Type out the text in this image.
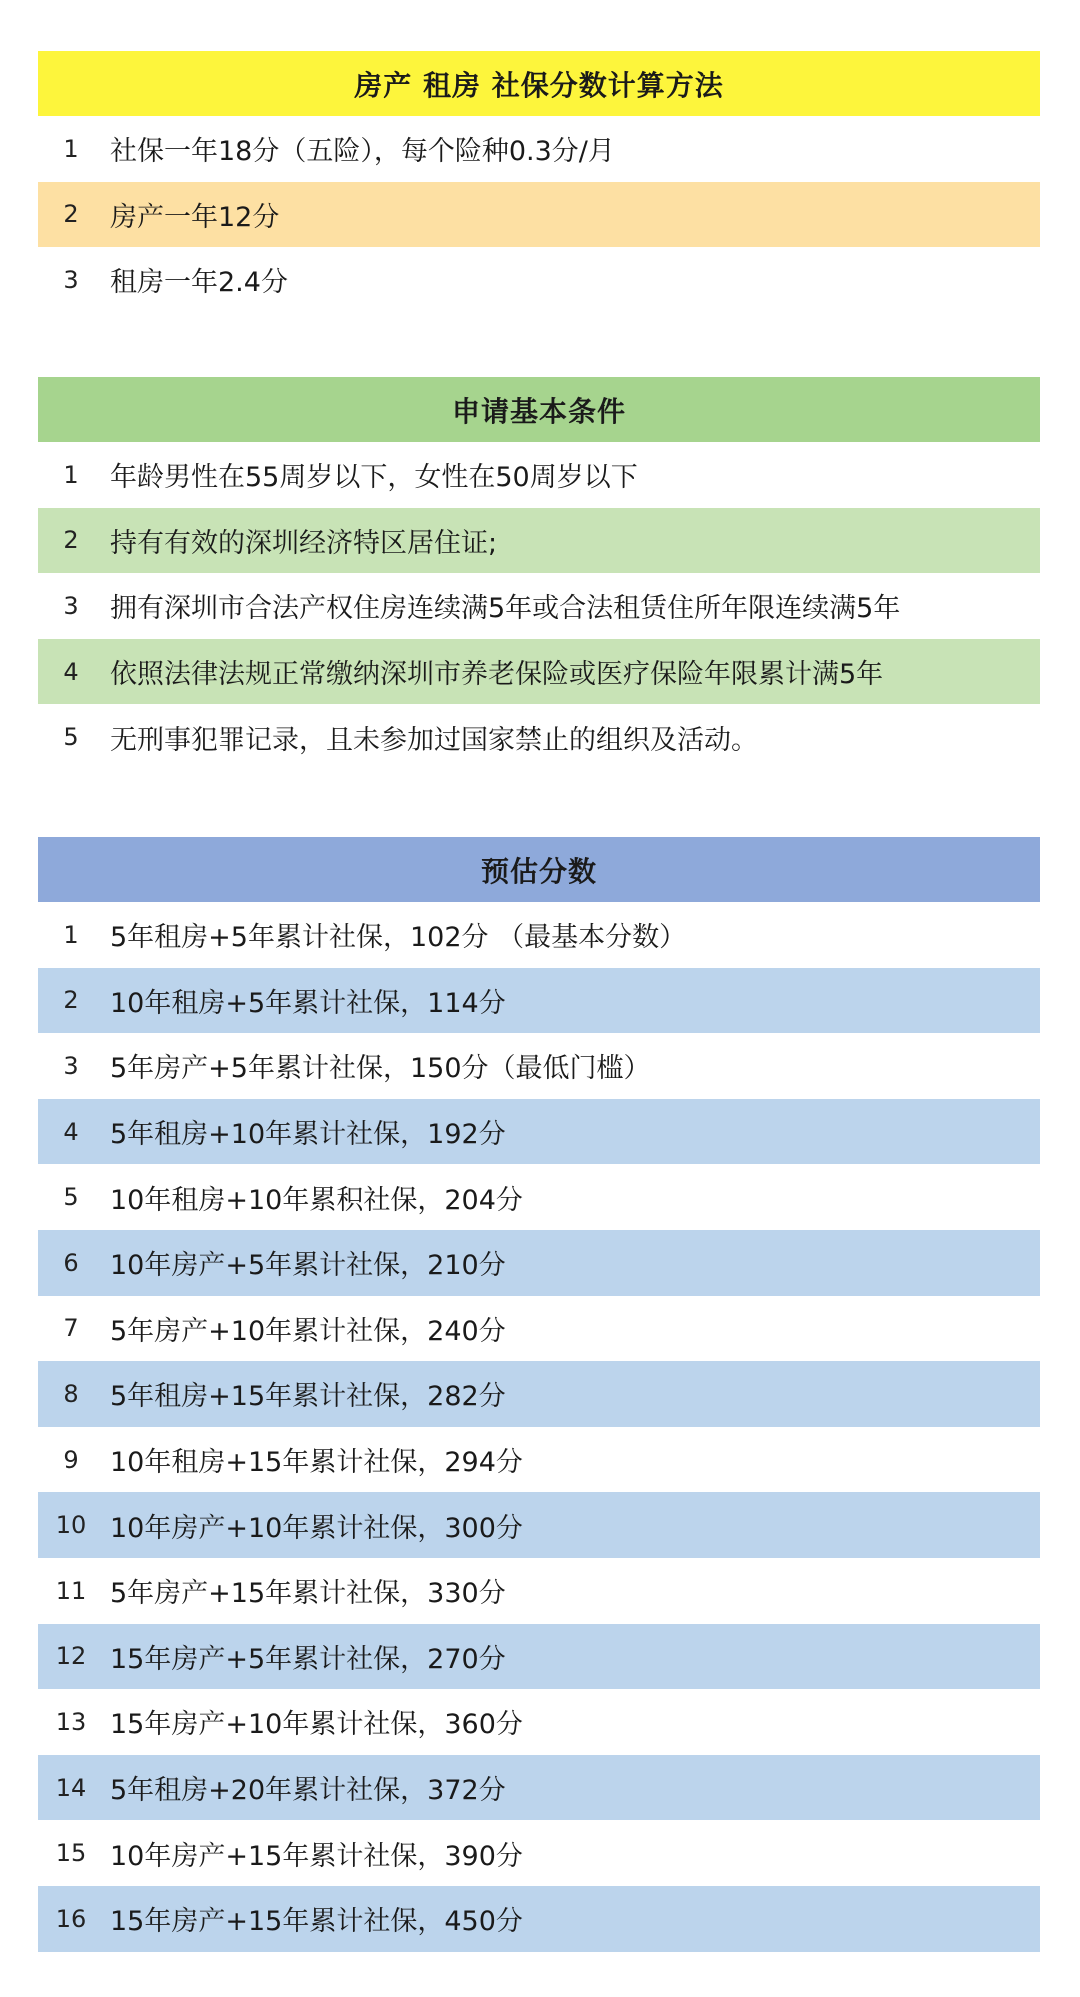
房产 租房 社保分数计算方法
1	社保一年18分（五险），每个险种0.3分/月
2	房产一年12分
3	租房一年2.4分
申请基本条件
1	年龄男性在55周岁以下，女性在50周岁以下
2	持有有效的深圳经济特区居住证;
3	拥有深圳市合法产权住房连续满5年或合法租赁住所年限连续满5年
4	依照法律法规正常缴纳深圳市养老保险或医疗保险年限累计满5年
5	无刑事犯罪记录，且未参加过国家禁止的组织及活动。
预估分数
1	5年租房+5年累计社保，102分 （最基本分数）
2	10年租房+5年累计社保，114分
3	5年房产+5年累计社保，150分（最低门槛）
4	5年租房+10年累计社保，192分
5	10年租房+10年累积社保，204分
6	10年房产+5年累计社保，210分
7	5年房产+10年累计社保，240分
8	5年租房+15年累计社保，282分
9	10年租房+15年累计社保，294分
10 10年房产+10年累计社保，300分
11 5年房产+15年累计社保，330分
12 15年房产+5年累计社保，270分
13 15年房产+10年累计社保，360分
14 5年租房+20年累计社保，372分
15 10年房产+15年累计社保，390分
16 15年房产+15年累计社保，450分
